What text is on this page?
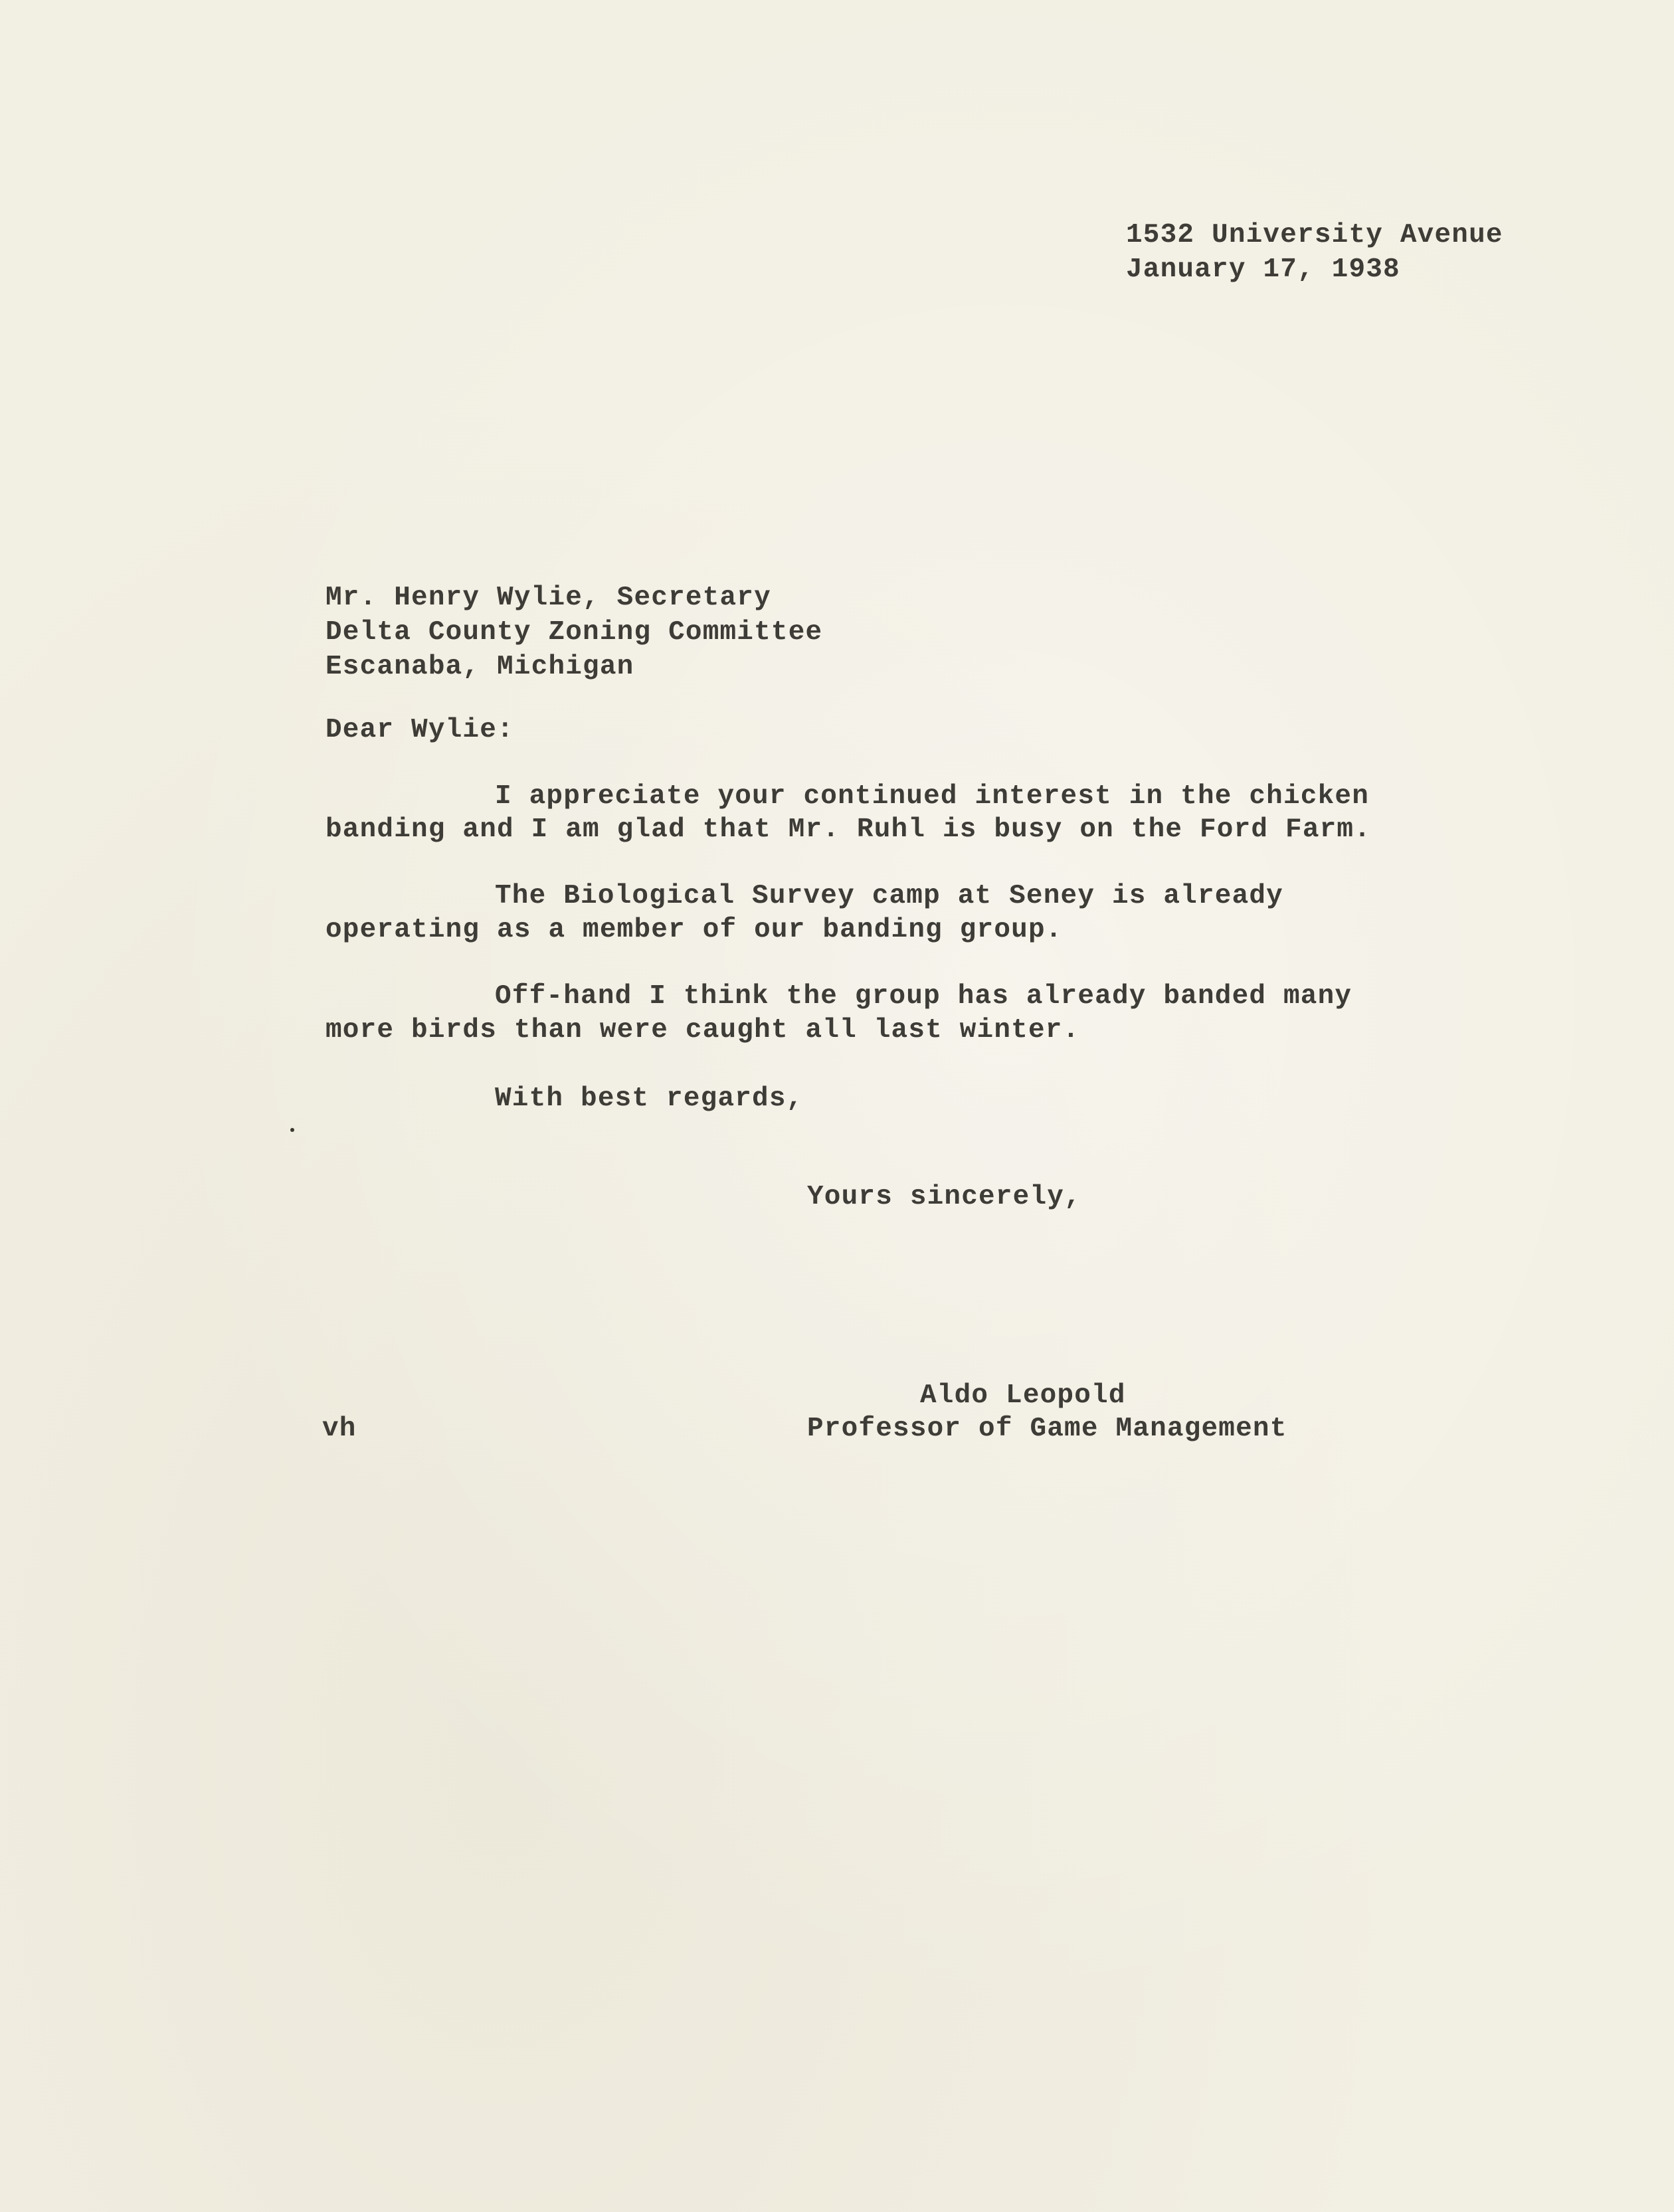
1532 University Avenue
January 17, 1938
Mr. Henry Wylie, Secretary
Delta County Zoning Committee
Escanaba, Michigan
Dear Wylie:
I appreciate your continued interest in the chicken
banding and I am glad that Mr. Ruhl is busy on the Ford Farm.
The Biological Survey camp at Seney is already
operating as a member of our banding group.
Off-hand I think the group has already banded many
more birds than were caught all last winter.
With best regards,
Yours sincerely,
Aldo Leopold
Professor of Game Management
vh
